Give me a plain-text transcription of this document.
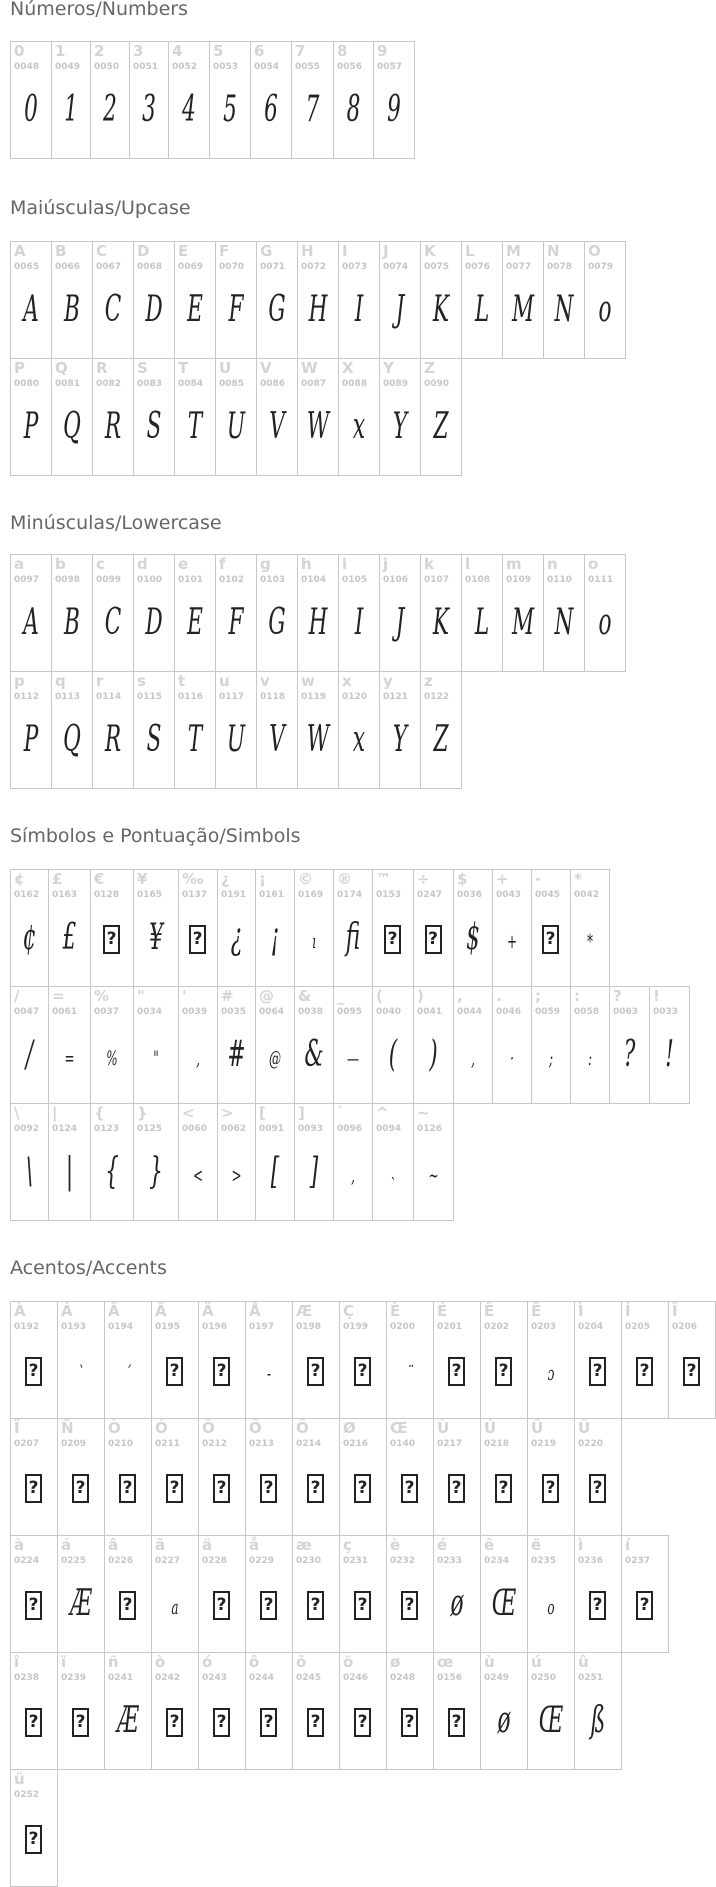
Números/Numbers
0
0048
0
1
0049
1
2
0050
2
3
0051
3
4
0052
4
5
0053
5
6
0054
6
7
0055
7
8
0056
8
9
0057
9
Maiúsculas/Upcase
A
0065
A
B
0066
B
C
0067
C
D
0068
D
E
0069
E
F
0070
F
G
0071
G
H
0072
H
I
0073
I
J
0074
J
K
0075
K
L
0076
L
M
0077
M
N
0078
N
O
0079
o
P
0080
P
Q
0081
Q
R
0082
R
S
0083
S
T
0084
T
U
0085
U
V
0086
V
W
0087
W
X
0088
x
Y
0089
Y
Z
0090
Z
Minúsculas/Lowercase
a
0097
A
b
0098
B
c
0099
C
d
0100
D
e
0101
E
f
0102
F
g
0103
G
h
0104
H
i
0105
I
j
0106
J
k
0107
K
l
0108
L
m
0109
M
n
0110
N
o
0111
o
p
0112
P
q
0113
Q
r
0114
R
s
0115
S
t
0116
T
u
0117
U
v
0118
V
w
0119
W
x
0120
x
y
0121
Y
z
0122
Z
Símbolos e Pontuação/Simbols
¢
0162
¢
£
0163
£
€
0128
?
¥
0165
¥
‰
0137
?
¿
0191
¿
¡
0161
¡
©
0169
ı
®
0174
fi
™
0153
?
÷
0247
?
$
0036
$
+
0043
+
-
0045
?
*
0042
*
/
0047
/
=
0061
=
%
0037
%
"
0034
"
'
0039
,
#
0035
#
@
0064
@
&
0038
&
_
0095
—
(
0040
(
)
0041
)
,
0044
,
.
0046
·
;
0059
;
:
0058
:
?
0063
?
!
0033
!
\
0092
\
|
0124
|
{
0123
{
}
0125
}
<
0060
<
>
0062
>
[
0091
[
]
0093
]
`
0096
,
^
0094
˴
~
0126
~
Acentos/Accents
À
0192
?
Á
0193
`
Â
0194
´
Ã
0195
?
Ä
0196
?
Å
0197
-
Æ
0198
?
Ç
0199
?
È
0200
¨
É
0201
?
Ê
0202
?
Ë
0203
ɔ
Ì
0204
?
Í
0205
?
Î
0206
?
Ï
0207
?
Ñ
0209
?
Ò
0210
?
Ó
0211
?
Ô
0212
?
Õ
0213
?
Ö
0214
?
Ø
0216
?
Œ
0140
?
Ù
0217
?
Ú
0218
?
Û
0219
?
Ü
0220
?
à
0224
?
á
0225
Æ
â
0226
?
ã
0227
a
ä
0228
?
å
0229
?
æ
0230
?
ç
0231
?
è
0232
?
é
0233
ø
ê
0234
Œ
ë
0235
o
ì
0236
?
í
0237
?
î
0238
?
ï
0239
?
ñ
0241
Æ
ò
0242
?
ó
0243
?
ô
0244
?
õ
0245
?
ö
0246
?
ø
0248
?
œ
0156
?
ù
0249
ø
ú
0250
Œ
û
0251
ß
ü
0252
?
